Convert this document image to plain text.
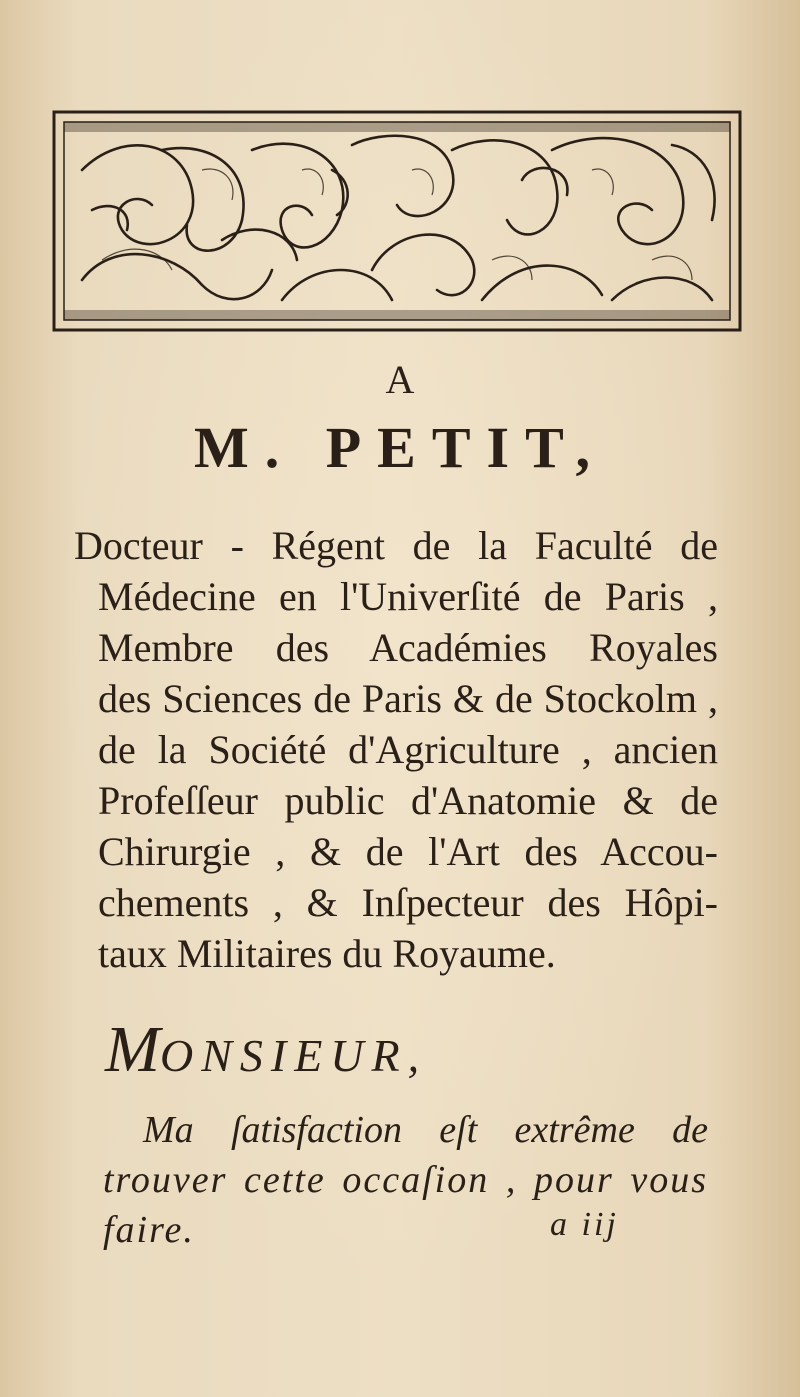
A
M. PETIT,
Docteur - Régent de la Faculté de
Médecine en l'Univerſité de Paris ,
Membre des Académies Royales
des Sciences de Paris & de Stockolm ,
de la Société d'Agriculture , ancien
Profeſſeur public d'Anatomie & de
Chirurgie , & de l'Art des Accou-
chements , & Inſpecteur des Hôpi-
taux Militaires du Royaume.
MONSIEUR,
Ma ſatisfaction eſt extrême de
trouver cette occaſion , pour vous faire.	a iij
